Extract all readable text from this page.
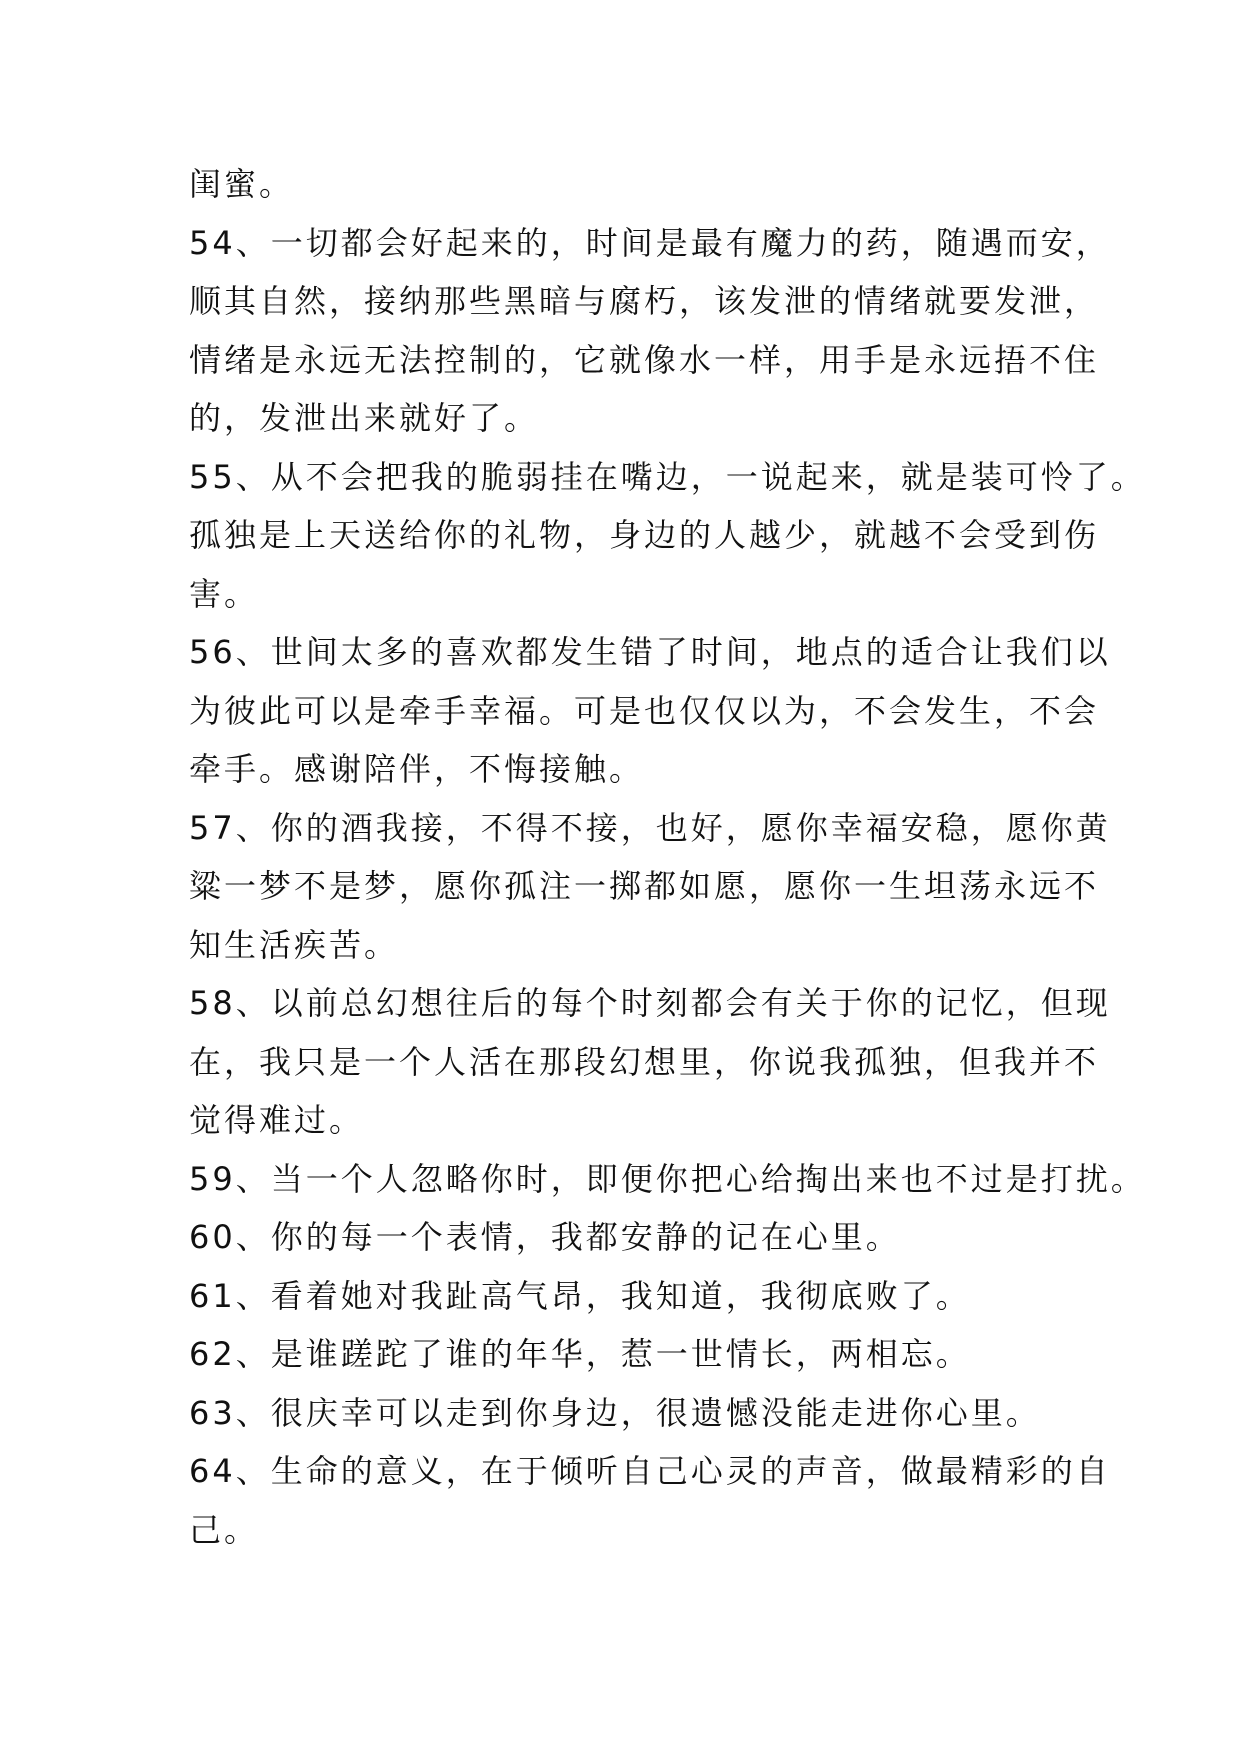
闺蜜。
54、一切都会好起来的，时间是最有魔力的药，随遇而安，
顺其自然，接纳那些黑暗与腐朽，该发泄的情绪就要发泄，
情绪是永远无法控制的，它就像水一样，用手是永远捂不住
的，发泄出来就好了。
55、从不会把我的脆弱挂在嘴边，一说起来，就是装可怜了。
孤独是上天送给你的礼物，身边的人越少，就越不会受到伤
害。
56、世间太多的喜欢都发生错了时间，地点的适合让我们以
为彼此可以是牵手幸福。可是也仅仅以为，不会发生，不会
牵手。感谢陪伴，不悔接触。
57、你的酒我接，不得不接，也好，愿你幸福安稳，愿你黄
粱一梦不是梦，愿你孤注一掷都如愿，愿你一生坦荡永远不
知生活疾苦。
58、以前总幻想往后的每个时刻都会有关于你的记忆，但现
在，我只是一个人活在那段幻想里，你说我孤独，但我并不
觉得难过。
59、当一个人忽略你时，即便你把心给掏出来也不过是打扰。
60、你的每一个表情，我都安静的记在心里。
61、看着她对我趾高气昂，我知道，我彻底败了。
62、是谁蹉跎了谁的年华，惹一世情长，两相忘。
63、很庆幸可以走到你身边，很遗憾没能走进你心里。
64、生命的意义，在于倾听自己心灵的声音，做最精彩的自
己。
